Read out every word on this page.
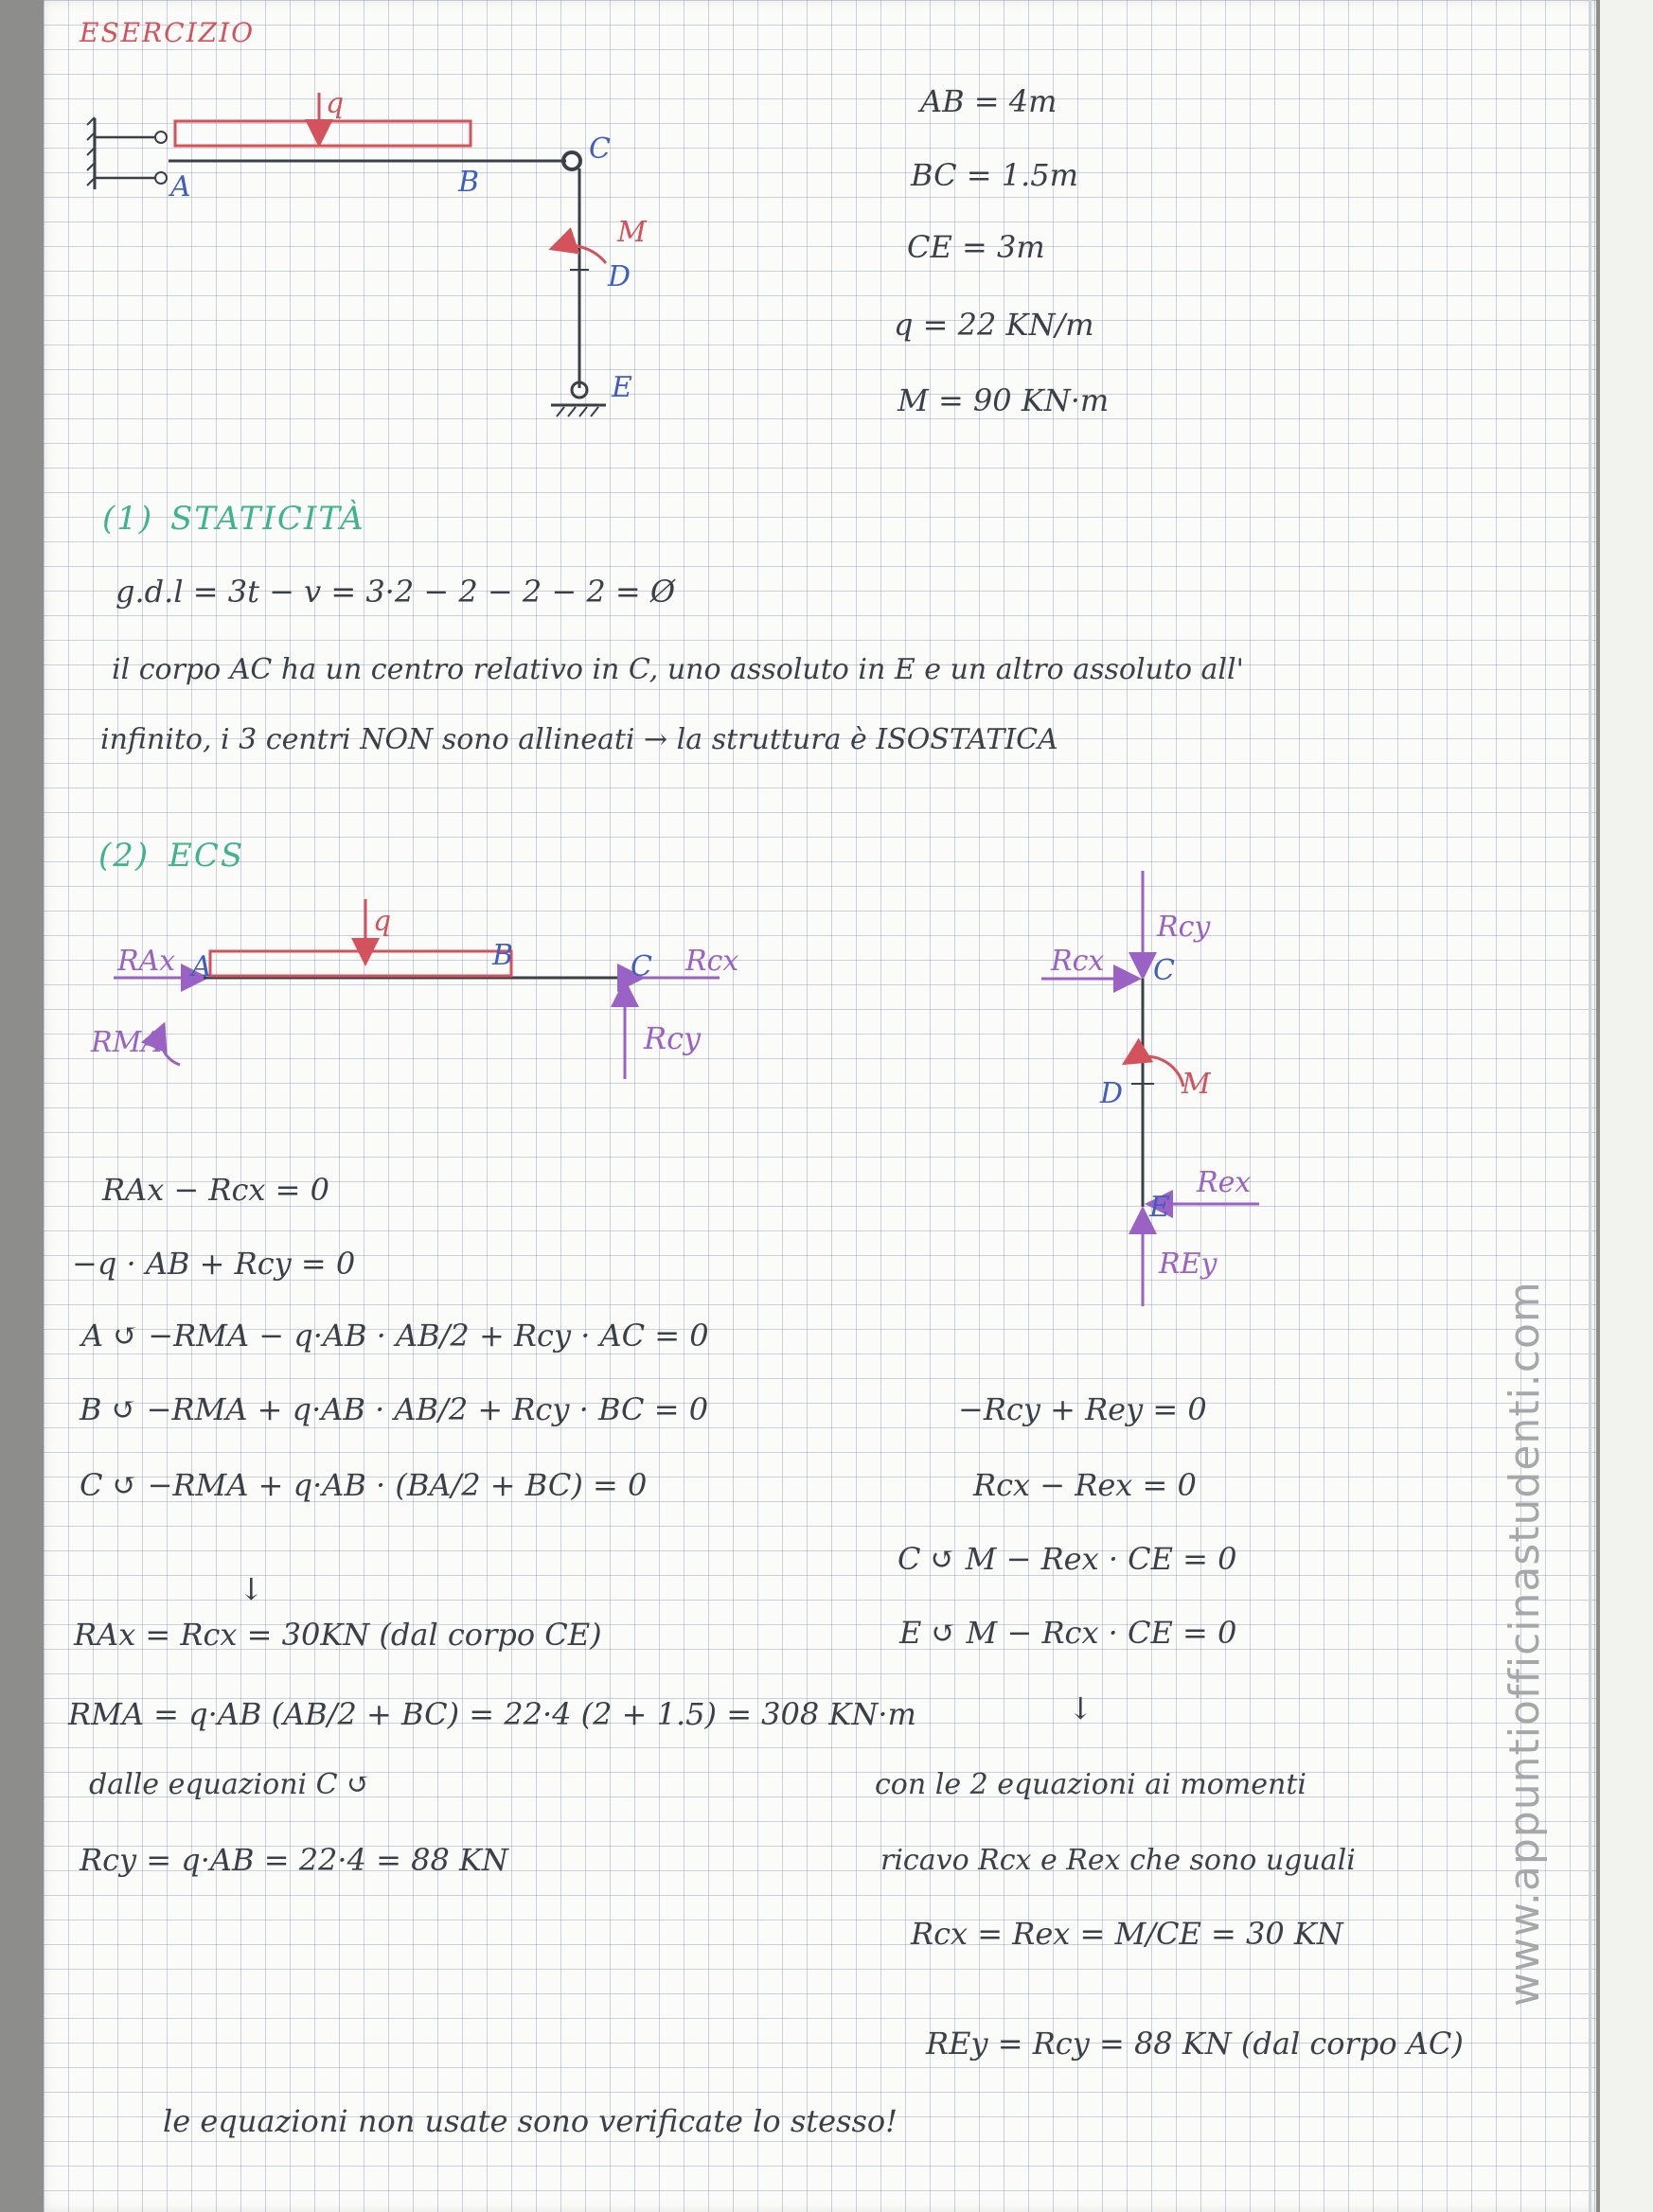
ESERCIZIO
q
A	B
C
M
D
E
AB = 4m
BC = 1.5m
CE = 3m
q = 22 KN/m
M = 90 KN·m
(1) STATICITÀ
g.d.l = 3t − v = 3·2 − 2 − 2 − 2 = Ø
il corpo AC ha un centro relativo in C, uno assoluto in E e un altro assoluto all'
infinito, i 3 centri NON sono allineati → la struttura è ISOSTATICA
(2) ECS
q
RAx A	B	C Rcx
Rcy
RMA
Rcy
Rcx C
D M
Rex
E
REy
RAx − Rcx = 0
−q · AB + Rcy = 0
A ↺ −RMA − q·AB · AB/2 + Rcy · AC = 0
B ↺ −RMA + q·AB · AB/2 + Rcy · BC = 0
C ↺ −RMA + q·AB · (BA/2 + BC) = 0
↓
RAx = Rcx = 30KN (dal corpo CE)
RMA = q·AB (AB/2 + BC) = 22·4 (2 + 1.5) = 308 KN·m
dalle equazioni C ↺
Rcy = q·AB = 22·4 = 88 KN
−Rcy + Rey = 0
Rcx − Rex = 0
C ↺ M − Rex · CE = 0
E ↺ M − Rcx · CE = 0
↓
con le 2 equazioni ai momenti
ricavo Rcx e Rex che sono uguali
Rcx = Rex = M/CE = 30 KN
REy = Rcy = 88 KN (dal corpo AC)
le equazioni non usate sono verificate lo stesso!
www.appuntiofficinastudenti.com
